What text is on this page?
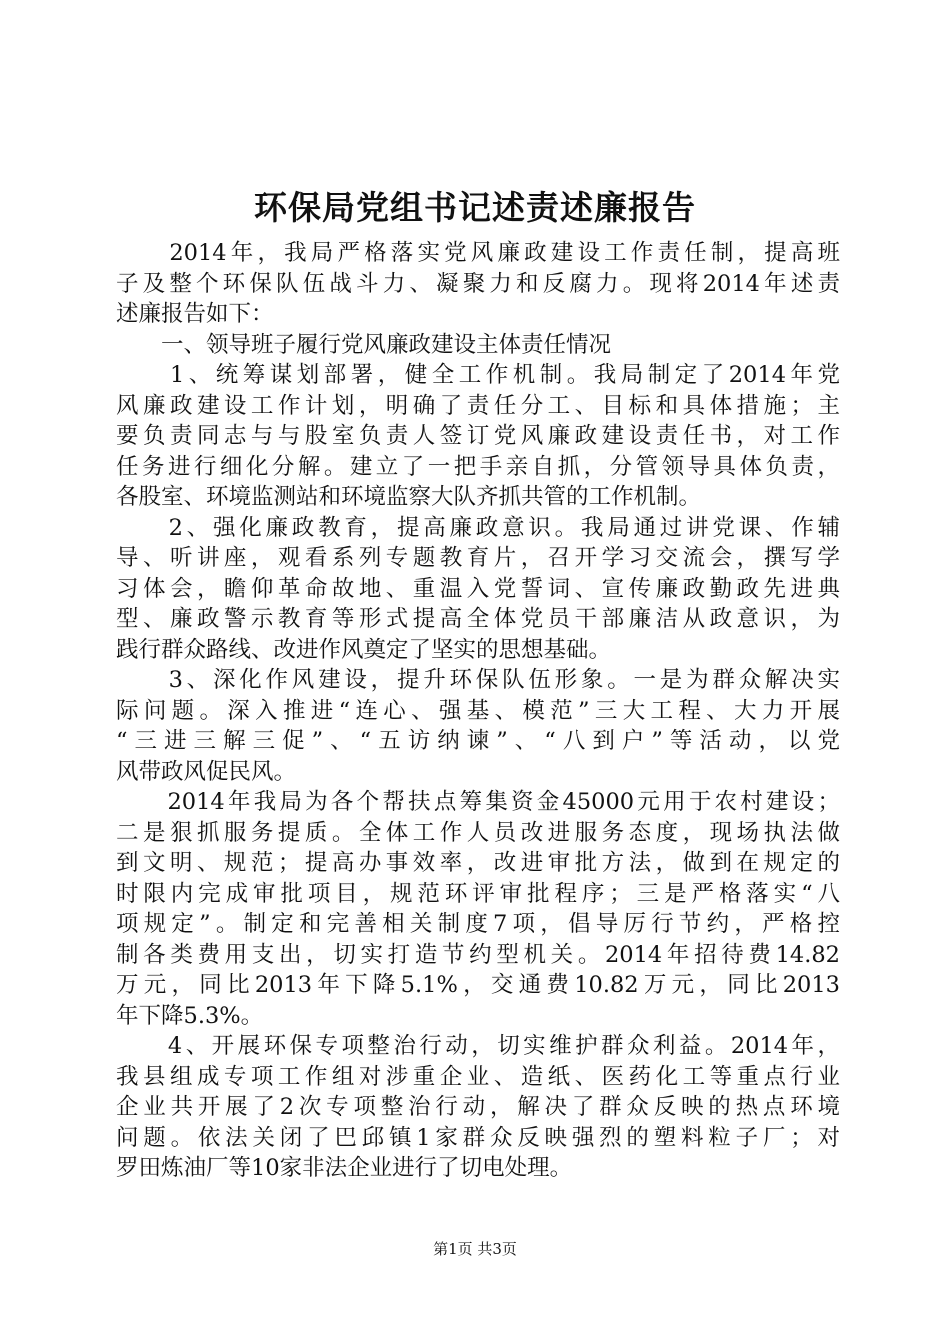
环保局党组书记述责述廉报告
　　2014年，我局严格落实党风廉政建设工作责任制，提高班
子及整个环保队伍战斗力、凝聚力和反腐力。现将2014年述责
述廉报告如下：
　　一、领导班子履行党风廉政建设主体责任情况
　　1、统筹谋划部署，健全工作机制。我局制定了2014年党
风廉政建设工作计划，明确了责任分工、目标和具体措施；主
要负责同志与与股室负责人签订党风廉政建设责任书，对工作
任务进行细化分解。建立了一把手亲自抓，分管领导具体负责，
各股室、环境监测站和环境监察大队齐抓共管的工作机制。
　　2、强化廉政教育，提高廉政意识。我局通过讲党课、作辅
导、听讲座，观看系列专题教育片，召开学习交流会，撰写学
习体会，瞻仰革命故地、重温入党誓词、宣传廉政勤政先进典
型、廉政警示教育等形式提高全体党员干部廉洁从政意识，为
践行群众路线、改进作风奠定了坚实的思想基础。
　　3、深化作风建设，提升环保队伍形象。一是为群众解决实
际问题。深入推进“连心、强基、模范”三大工程、大力开展
“三进三解三促”、“五访纳谏”、“八到户”等活动，以党
风带政风促民风。
　　2014年我局为各个帮扶点筹集资金45000元用于农村建设；
二是狠抓服务提质。全体工作人员改进服务态度，现场执法做
到文明、规范；提高办事效率，改进审批方法，做到在规定的
时限内完成审批项目，规范环评审批程序；三是严格落实“八
项规定”。制定和完善相关制度7项，倡导厉行节约，严格控
制各类费用支出，切实打造节约型机关。2014年招待费14.82
万元，同比2013年下降5.1%，交通费10.82万元，同比2013
年下降5.3%。
　　4、开展环保专项整治行动，切实维护群众利益。2014年，
我县组成专项工作组对涉重企业、造纸、医药化工等重点行业
企业共开展了2次专项整治行动，解决了群众反映的热点环境
问题。依法关闭了巴邱镇1家群众反映强烈的塑料粒子厂；对
罗田炼油厂等10家非法企业进行了切电处理。
第1页 共3页
